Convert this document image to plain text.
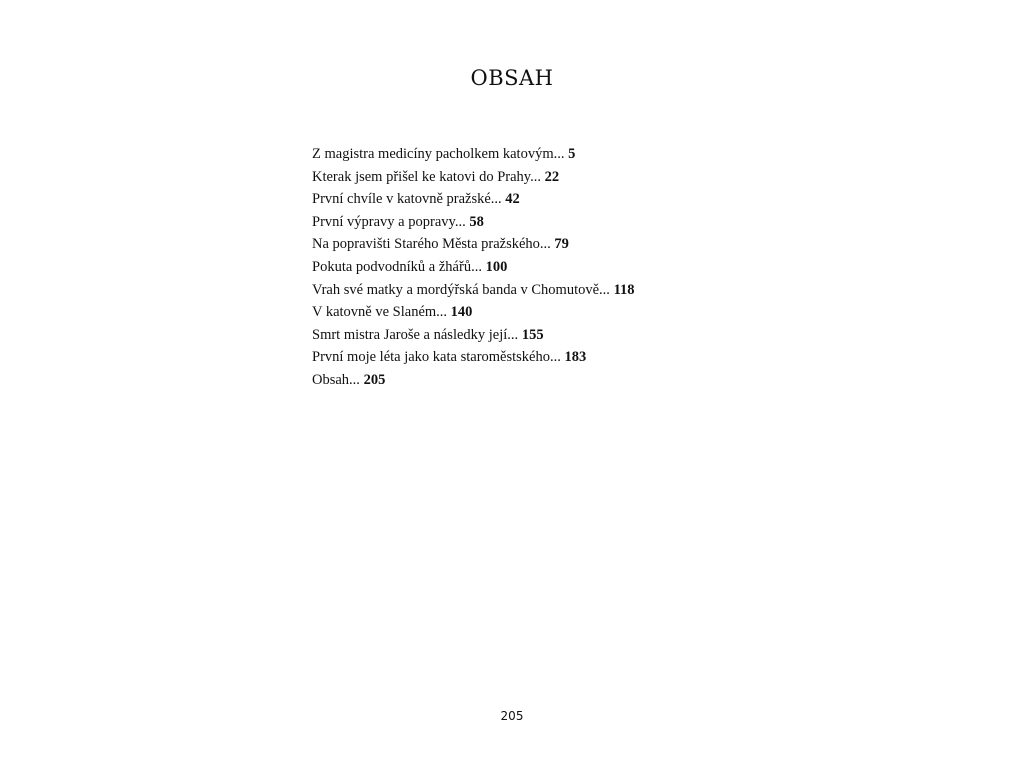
OBSAH
Z magistra medicíny pacholkem katovým... 5
Kterak jsem přišel ke katovi do Prahy... 22
První chvíle v katovně pražské... 42
První výpravy a popravy... 58
Na popravišti Starého Města pražského... 79
Pokuta podvodníků a žhářů... 100
Vrah své matky a mordýřská banda v Chomutově... 118
V katovně ve Slaném... 140
Smrt mistra Jaroše a následky její... 155
První moje léta jako kata staroměstského... 183
Obsah... 205
205
